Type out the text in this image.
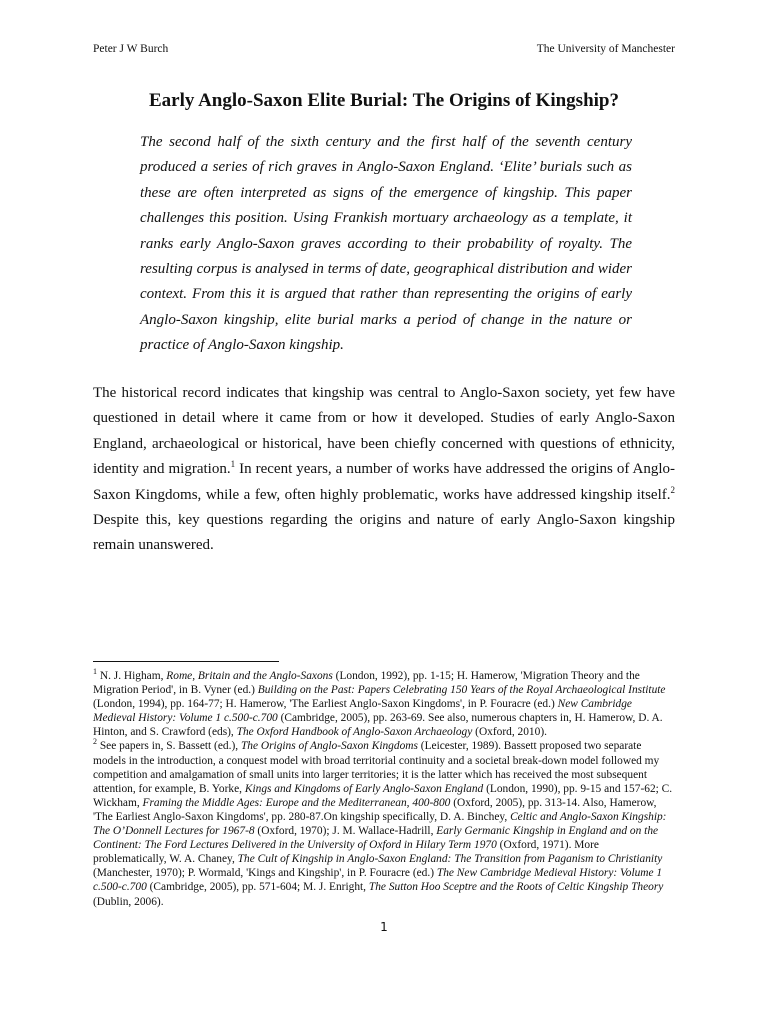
Peter J W Burch	The University of Manchester
Early Anglo-Saxon Elite Burial: The Origins of Kingship?

The second half of the sixth century and the first half of the seventh century produced a series of rich graves in Anglo-Saxon England. ‘Elite’ burials such as these are often interpreted as signs of the emergence of kingship. This paper challenges this position. Using Frankish mortuary archaeology as a template, it ranks early Anglo-Saxon graves according to their probability of royalty. The resulting corpus is analysed in terms of date, geographical distribution and wider context. From this it is argued that rather than representing the origins of early Anglo-Saxon kingship, elite burial marks a period of change in the nature or practice of Anglo-Saxon kingship.

The historical record indicates that kingship was central to Anglo-Saxon society, yet few have questioned in detail where it came from or how it developed. Studies of early Anglo-Saxon England, archaeological or historical, have been chiefly concerned with questions of ethnicity, identity and migration.$^1$ In recent years, a number of works have addressed the origins of Anglo-Saxon Kingdoms, while a few, often highly problematic, works have addressed kingship itself.$^2$ Despite this, key questions regarding the origins and nature of early Anglo-Saxon kingship remain unanswered.

$^1$ N. J. Higham, Rome, Britain and the Anglo-Saxons (London, 1992), pp. 1-15; H. Hamerow, 'Migration Theory and the Migration Period', in B. Vyner (ed.) Building on the Past: Papers Celebrating 150 Years of the Royal Archaeological Institute (London, 1994), pp. 164-77; H. Hamerow, 'The Earliest Anglo-Saxon Kingdoms', in P. Fouracre (ed.) New Cambridge Medieval History: Volume 1 c.500-c.700 (Cambridge, 2005), pp. 263-69. See also, numerous chapters in, H. Hamerow, D. A. Hinton, and S. Crawford (eds), The Oxford Handbook of Anglo-Saxon Archaeology (Oxford, 2010).

$^2$ See papers in, S. Bassett (ed.), The Origins of Anglo-Saxon Kingdoms (Leicester, 1989). Bassett proposed two separate models in the introduction, a conquest model with broad territorial continuity and a societal break-down model followed my competition and amalgamation of small units into larger territories; it is the latter which has received the most subsequent attention, for example, B. Yorke, Kings and Kingdoms of Early Anglo-Saxon England (London, 1990), pp. 9-15 and 157-62; C. Wickham, Framing the Middle Ages: Europe and the Mediterranean, 400-800 (Oxford, 2005), pp. 313-14. Also, Hamerow, 'The Earliest Anglo-Saxon Kingdoms', pp. 280-87.On kingship specifically, D. A. Binchey, Celtic and Anglo-Saxon Kingship: The O’Donnell Lectures for 1967-8 (Oxford, 1970); J. M. Wallace-Hadrill, Early Germanic Kingship in England and on the Continent: The Ford Lectures Delivered in the University of Oxford in Hilary Term 1970 (Oxford, 1971). More problematically, W. A. Chaney, The Cult of Kingship in Anglo-Saxon England: The Transition from Paganism to Christianity (Manchester, 1970); P. Wormald, 'Kings and Kingship', in P. Fouracre (ed.) The New Cambridge Medieval History: Volume 1 c.500-c.700 (Cambridge, 2005), pp. 571-604; M. J. Enright, The Sutton Hoo Sceptre and the Roots of Celtic Kingship Theory (Dublin, 2006).

1
